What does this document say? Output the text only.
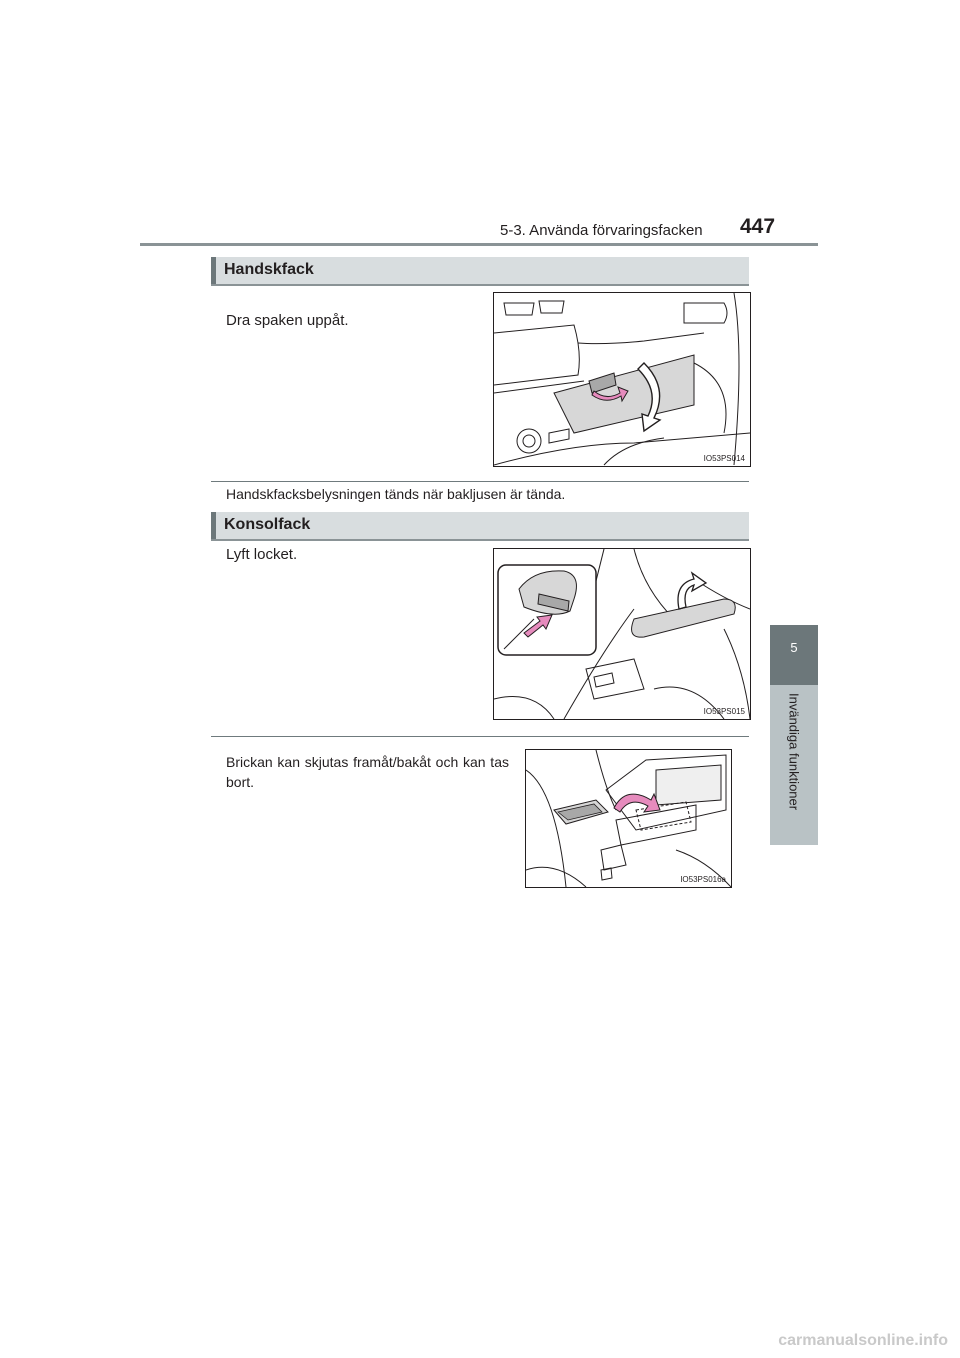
5-3. Använda förvaringsfacken 447
5
Invändiga funktioner
Handskfack
Dra spaken uppåt.
IO53PS014
Handskfacksbelysningen tänds när bakljusen är tända.
Konsolfack
Lyft locket.
IO53PS015
Brickan kan skjutas framåt/bakåt och kan tas bort.
IO53PS016a
carmanualsonline.info
